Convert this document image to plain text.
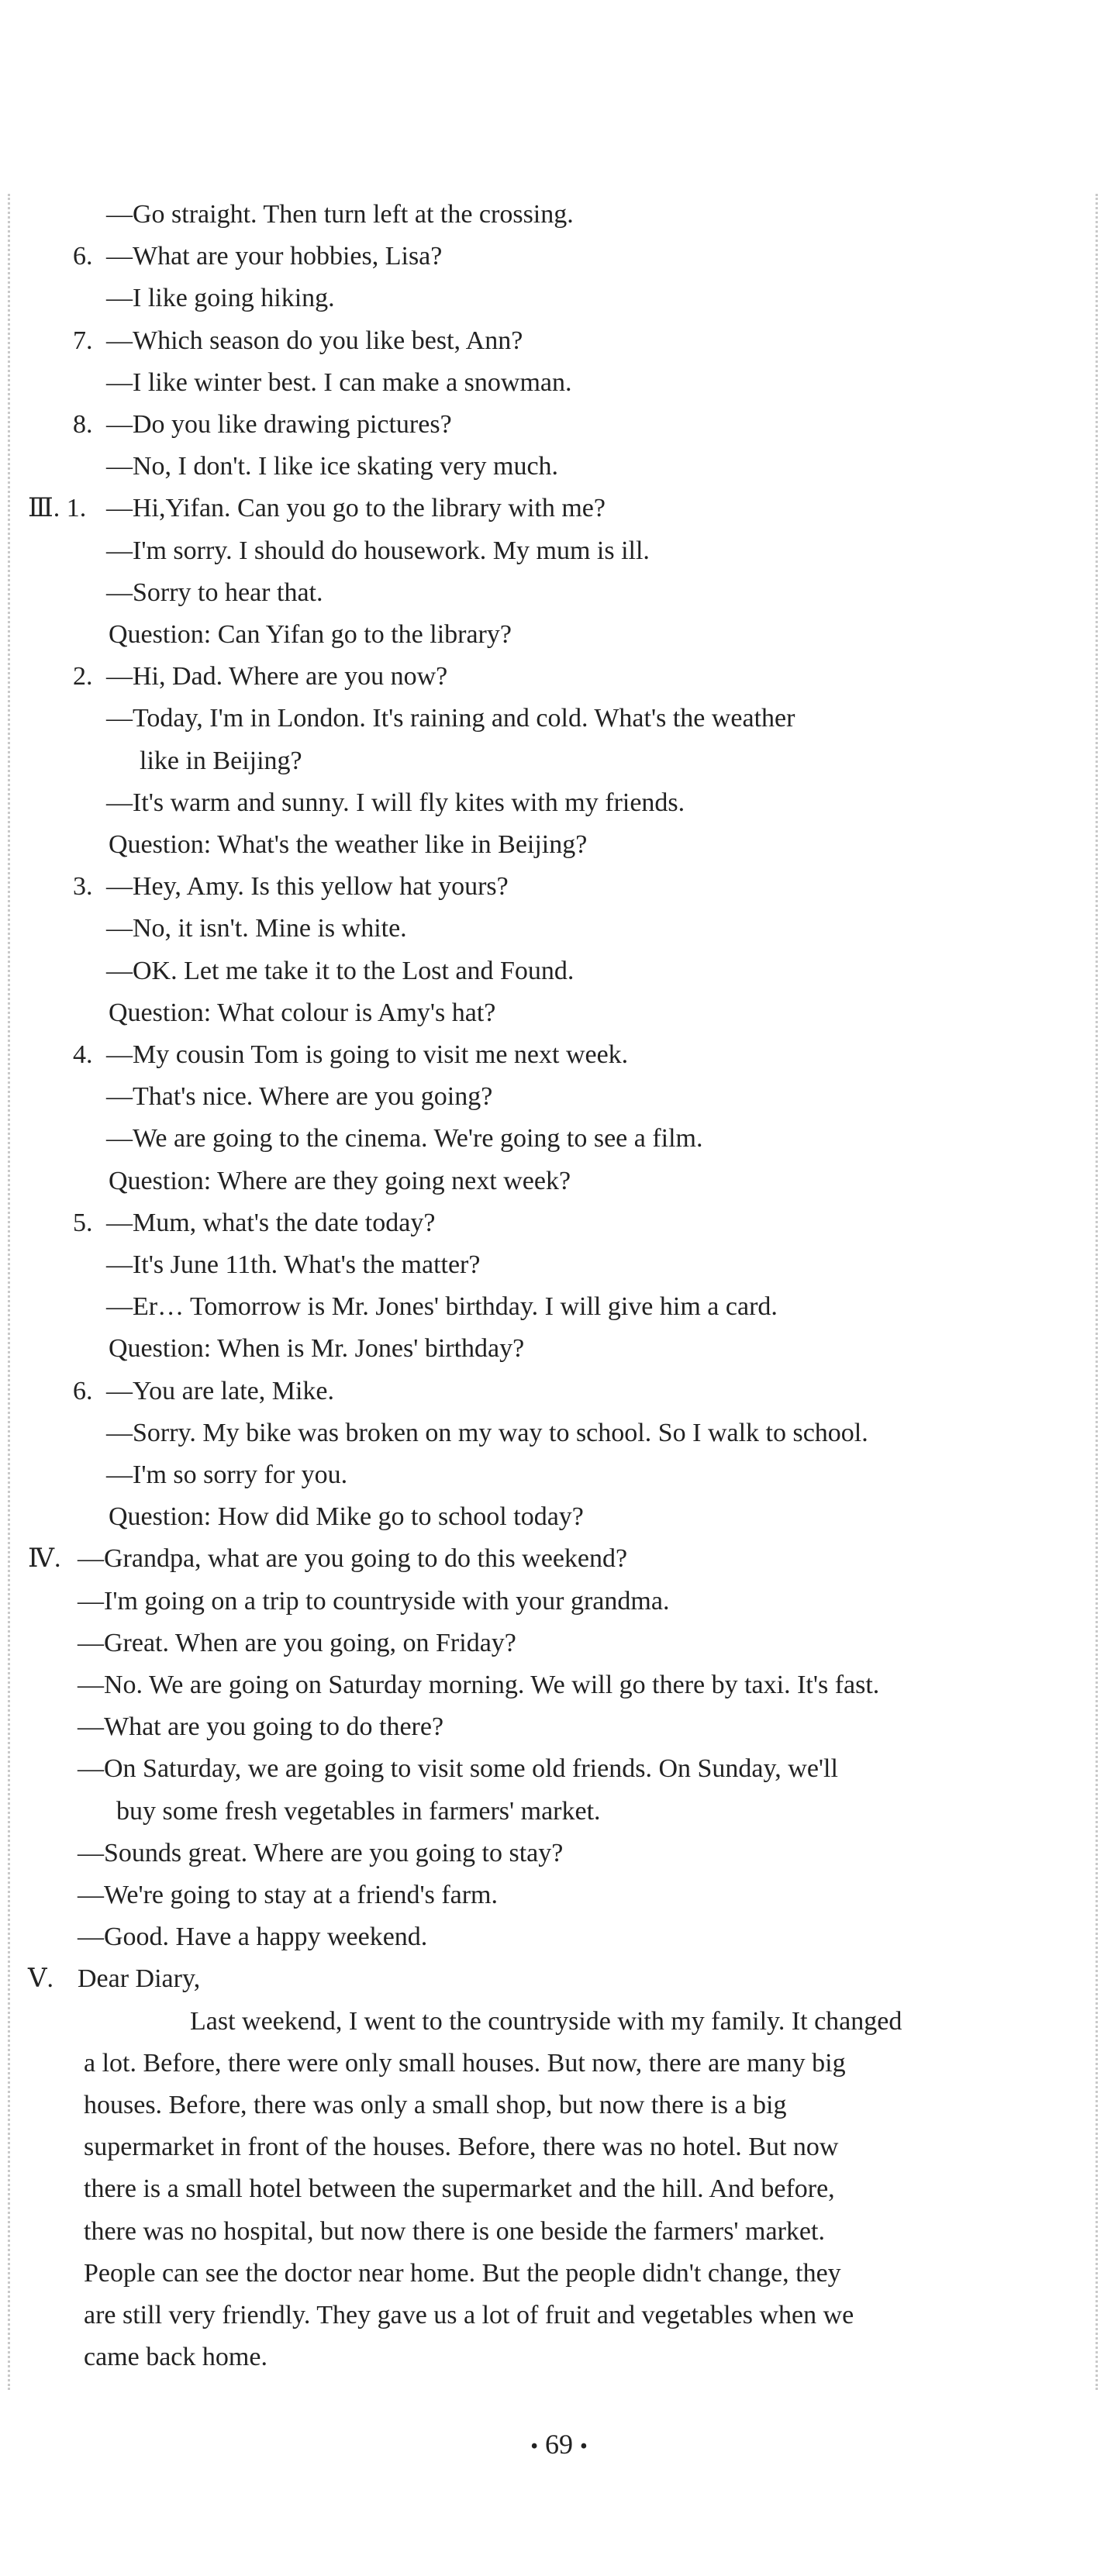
—Go straight. Then turn left at the crossing.
6. —What are your hobbies, Lisa?
—I like going hiking.
7. —Which season do you like best, Ann?
—I like winter best. I can make a snowman.
8. —Do you like drawing pictures?
—No, I don't. I like ice skating very much.
Ⅲ. 1. —Hi,Yifan. Can you go to the library with me?
—I'm sorry. I should do housework. My mum is ill.
—Sorry to hear that.
Question: Can Yifan go to the library?
2. —Hi, Dad. Where are you now?
—Today, I'm in London. It's raining and cold. What's the weather
like in Beijing?
—It's warm and sunny. I will fly kites with my friends.
Question: What's the weather like in Beijing?
3. —Hey, Amy. Is this yellow hat yours?
—No, it isn't. Mine is white.
—OK. Let me take it to the Lost and Found.
Question: What colour is Amy's hat?
4. —My cousin Tom is going to visit me next week.
—That's nice. Where are you going?
—We are going to the cinema. We're going to see a film.
Question: Where are they going next week?
5. —Mum, what's the date today?
—It's June 11th. What's the matter?
—Er… Tomorrow is Mr. Jones' birthday. I will give him a card.
Question: When is Mr. Jones' birthday?
6. —You are late, Mike.
—Sorry. My bike was broken on my way to school. So I walk to school.
—I'm so sorry for you.
Question: How did Mike go to school today?
Ⅳ. —Grandpa, what are you going to do this weekend?
—I'm going on a trip to countryside with your grandma.
—Great. When are you going, on Friday?
—No. We are going on Saturday morning. We will go there by taxi. It's fast.
—What are you going to do there?
—On Saturday, we are going to visit some old friends. On Sunday, we'll
buy some fresh vegetables in farmers' market.
—Sounds great. Where are you going to stay?
—We're going to stay at a friend's farm.
—Good. Have a happy weekend.
Ⅴ. Dear Diary,
Last weekend, I went to the countryside with my family. It changed
a lot. Before, there were only small houses. But now, there are many big
houses. Before, there was only a small shop, but now there is a big
supermarket in front of the houses. Before, there was no hotel. But now
there is a small hotel between the supermarket and the hill. And before,
there was no hospital, but now there is one beside the farmers' market.
People can see the doctor near home. But the people didn't change, they
are still very friendly. They gave us a lot of fruit and vegetables when we
came back home.
• 69 •
